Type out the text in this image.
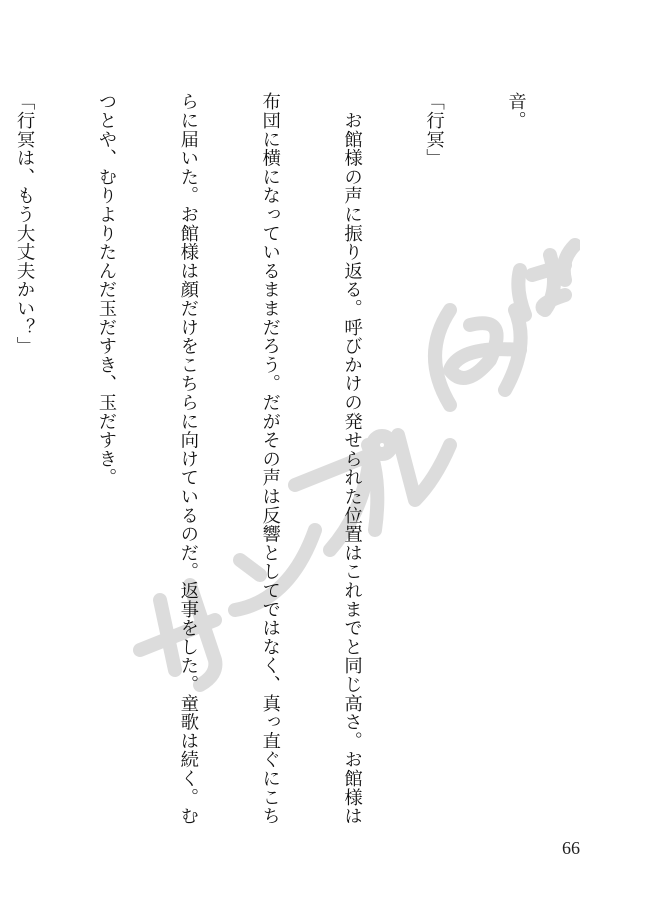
音。

「行冥」

　お館様の声に振り返る。呼びかけの発せられた位置はこれまでと同じ高さ。お館様は

布団に横になっているままだろう。だがその声は反響としてではなく、真っ直ぐにこち

らに届いた。お館様は顔だけをこちらに向けているのだ。返事をした。童歌は続く。む

つとや、むりよりたんだ玉だすき、玉だすき。

「行冥は、もう大丈夫かい？」

66
